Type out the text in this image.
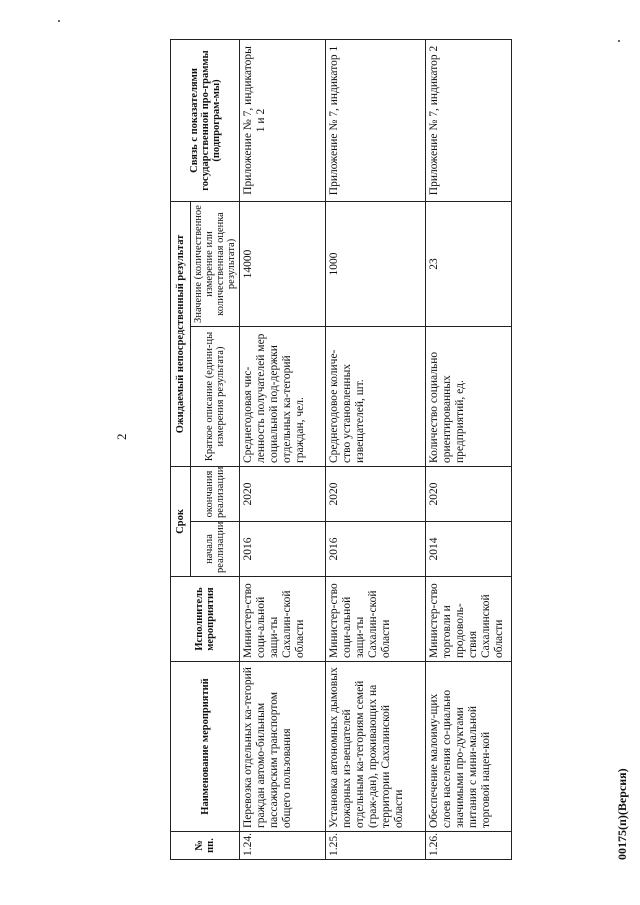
2
№ пп.	Наименование мероприятий	Исполнитель мероприятия	Срок		Ожидаемый непосредственный результат		Связь с показателями государственной про-граммы (подпрограм-мы)
			начала реализации	окончания реализации	Краткое описание (едини-цы измерения результата)	Значение (количественное измерение или количественная оценка результата)	
1.24.	Перевозка отдельных ка-тегорий граждан автомо-бильным пассажирским транспортом общего пользования	Министер-ство соци-альной защи-ты Сахалин-ской области	2016	2020	Среднегодовая чис-ленность получателей мер социальной под-держки отдельных ка-тегорий граждан, чел.	14000	Приложение № 7, индикаторы 1 и 2
1.25.	Установка автономных дымовых пожарных из-вещателей отдельным ка-тегориям семей (граж-дан), проживающих на территории Сахалинской области	Министер-ство соци-альной защи-ты Сахалин-ской области	2016	2020	Среднегодовое количе-ство установленных извещателей, шт.	1000	Приложение № 7, индикатор 1
1.26.	Обеспечение малоиму-щих слоев населения со-циально значимыми про-дуктами питания с мини-мальной торговой нацен-кой	Министер-ство торговли и продоволь-ствия Сахалинской области	2014	2020	Количество социально ориентированных предприятий, ед.	23	Приложение № 7, индикатор 2
00175(п)(Версия)
